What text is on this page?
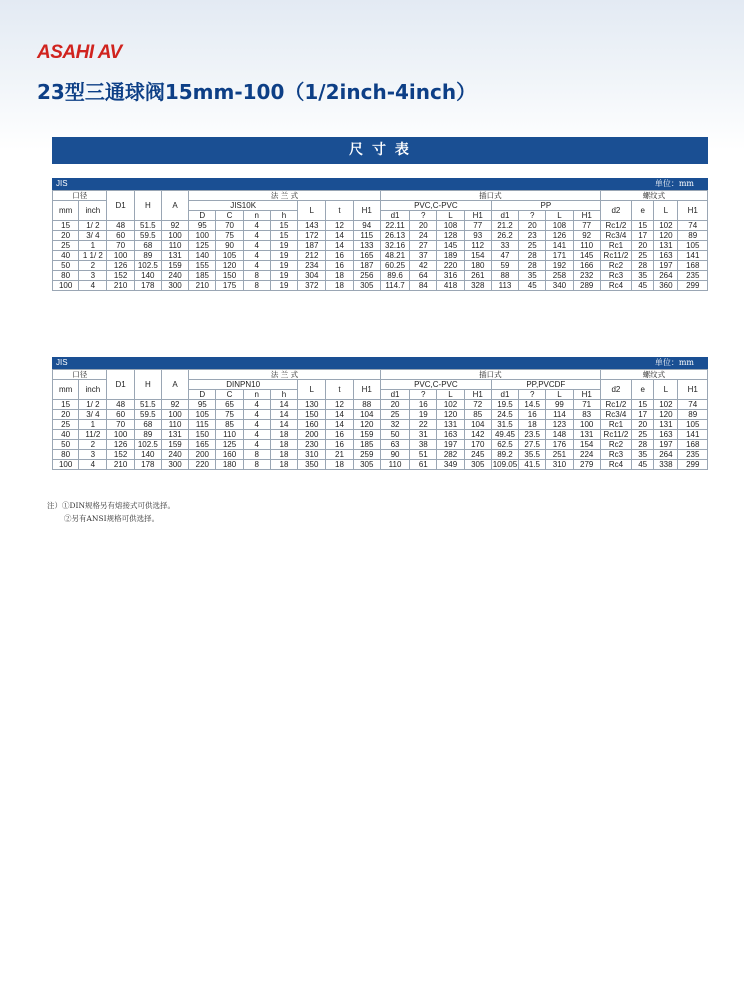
ASAHI AV
23型三通球阀15mm-100（1/2inch-4inch）
尺 寸 表
JIS	单位：mm
口径		D1	H	A	法 兰 式							插口式								螺纹式			
mm	inch				JIS10K				L	t	H1	PVC,C-PVC				PP				d2	e	L	H1
					D	C	n	h				d1	?	L	H1	d1	?	L	H1				
15	1/ 2	48	51.5	92	95	70	4	15	143	12	94	22.11	20	108	77	21.2	20	108	77	Rc1/2	15	102	74
20	3/ 4	60	59.5	100	100	75	4	15	172	14	115	26.13	24	128	93	26.2	23	126	92	Rc3/4	17	120	89
25	1	70	68	110	125	90	4	19	187	14	133	32.16	27	145	112	33	25	141	110	Rc1	20	131	105
40	1 1/ 2	100	89	131	140	105	4	19	212	16	165	48.21	37	189	154	47	28	171	145	Rc11/2	25	163	141
50	2	126	102.5	159	155	120	4	19	234	16	187	60.25	42	220	180	59	28	192	166	Rc2	28	197	168
80	3	152	140	240	185	150	8	19	304	18	256	89.6	64	316	261	88	35	258	232	Rc3	35	264	235
100	4	210	178	300	210	175	8	19	372	18	305	114.7	84	418	328	113	45	340	289	Rc4	45	360	299
JIS	单位：mm
口径		D1	H	A	法 兰 式							插口式								螺纹式			
mm	inch				DINPN10				L	t	H1	PVC,C-PVC				PP,PVCDF				d2	e	L	H1
					D	C	n	h				d1	?	L	H1	d1	?	L	H1				
15	1/ 2	48	51.5	92	95	65	4	14	130	12	88	20	16	102	72	19.5	14.5	99	71	Rc1/2	15	102	74
20	3/ 4	60	59.5	100	105	75	4	14	150	14	104	25	19	120	85	24.5	16	114	83	Rc3/4	17	120	89
25	1	70	68	110	115	85	4	14	160	14	120	32	22	131	104	31.5	18	123	100	Rc1	20	131	105
40	11/2	100	89	131	150	110	4	18	200	16	159	50	31	163	142	49.45	23.5	148	131	Rc11/2	25	163	141
50	2	126	102.5	159	165	125	4	18	230	16	185	63	38	197	170	62.5	27.5	176	154	Rc2	28	197	168
80	3	152	140	240	200	160	8	18	310	21	259	90	51	282	245	89.2	35.5	251	224	Rc3	35	264	235
100	4	210	178	300	220	180	8	18	350	18	305	110	61	349	305	109.05	41.5	310	279	Rc4	45	338	299
注）①DIN规格另有熔接式可供选择。
②另有ANSI规格可供选择。
